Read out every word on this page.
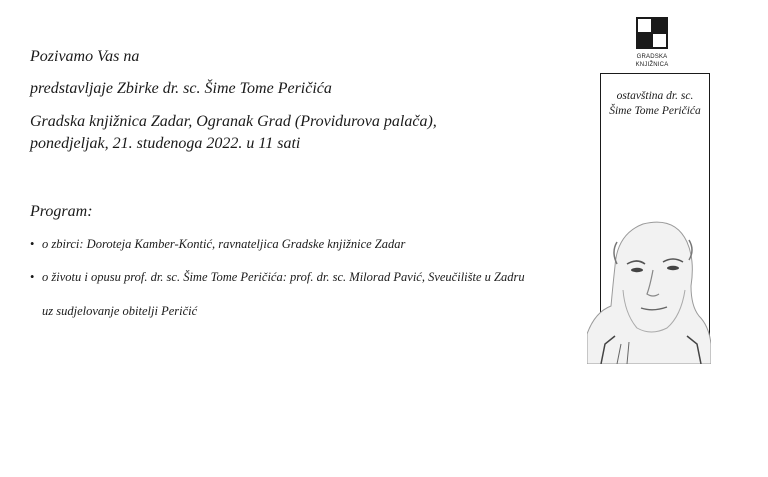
Pozivamo Vas na
predstavljaje Zbirke dr. sc. Šime Tome Peričića
Gradska knjižnica Zadar, Ogranak Grad (Providurova palača),
ponedjeljak, 21. studenoga 2022. u 11 sati
Program:
• o zbirci: Doroteja Kamber-Kontić, ravnateljica Gradske knjižnice Zadar
• o životu i opusu prof. dr. sc. Šime Tome Peričića: prof. dr. sc. Milorad Pavić, Sveučilište u Zadru
uz sudjelovanje obitelji Peričić
GRADSKA KNJIŽNICA
ostavština dr. sc.
Šime Tome Peričića
